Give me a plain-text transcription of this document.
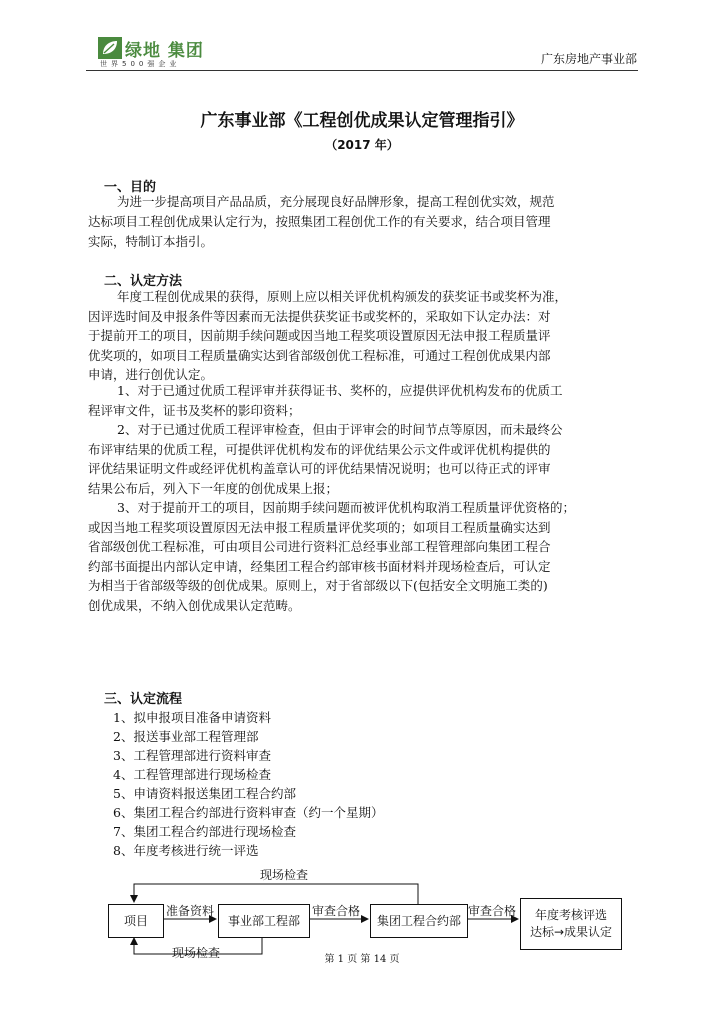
绿地 集团
世界500强企业	广东房地产事业部
广东事业部《工程创优成果认定管理指引》
（2017 年）
一、目的
为进一步提高项目产品品质，充分展现良好品牌形象，提高工程创优实效，规范
达标项目工程创优成果认定行为，按照集团工程创优工作的有关要求，结合项目管理
实际，特制订本指引。
二、认定方法
年度工程创优成果的获得，原则上应以相关评优机构颁发的获奖证书或奖杯为准，
因评选时间及申报条件等因素而无法提供获奖证书或奖杯的，采取如下认定办法：对
于提前开工的项目，因前期手续问题或因当地工程奖项设置原因无法申报工程质量评
优奖项的，如项目工程质量确实达到省部级创优工程标准，可通过工程创优成果内部
申请，进行创优认定。
1、对于已通过优质工程评审并获得证书、奖杯的，应提供评优机构发布的优质工
程评审文件，证书及奖杯的影印资料；
2、对于已通过优质工程评审检查，但由于评审会的时间节点等原因，而未最终公
布评审结果的优质工程，可提供评优机构发布的评优结果公示文件或评优机构提供的
评优结果证明文件或经评优机构盖章认可的评优结果情况说明；也可以待正式的评审
结果公布后，列入下一年度的创优成果上报；
3、对于提前开工的项目，因前期手续问题而被评优机构取消工程质量评优资格的；
或因当地工程奖项设置原因无法申报工程质量评优奖项的；如项目工程质量确实达到
省部级创优工程标准，可由项目公司进行资料汇总经事业部工程管理部向集团工程合
约部书面提出内部认定申请，经集团工程合约部审核书面材料并现场检查后，可认定
为相当于省部级等级的创优成果。原则上，对于省部级以下(包括安全文明施工类的)
创优成果，不纳入创优成果认定范畴。
三、认定流程
1、拟申报项目准备申请资料
2、报送事业部工程管理部
3、工程管理部进行资料审查
4、工程管理部进行现场检查
5、申请资料报送集团工程合约部
6、集团工程合约部进行资料审查（约一个星期）
7、集团工程合约部进行现场检查
8、年度考核进行统一评选
项目	事业部工程部	集团工程合约部	年度考核评选
达标→成果认定
现场检查
准备资料	审查合格	审查合格
现场检查	第 1 页 第 14 页
